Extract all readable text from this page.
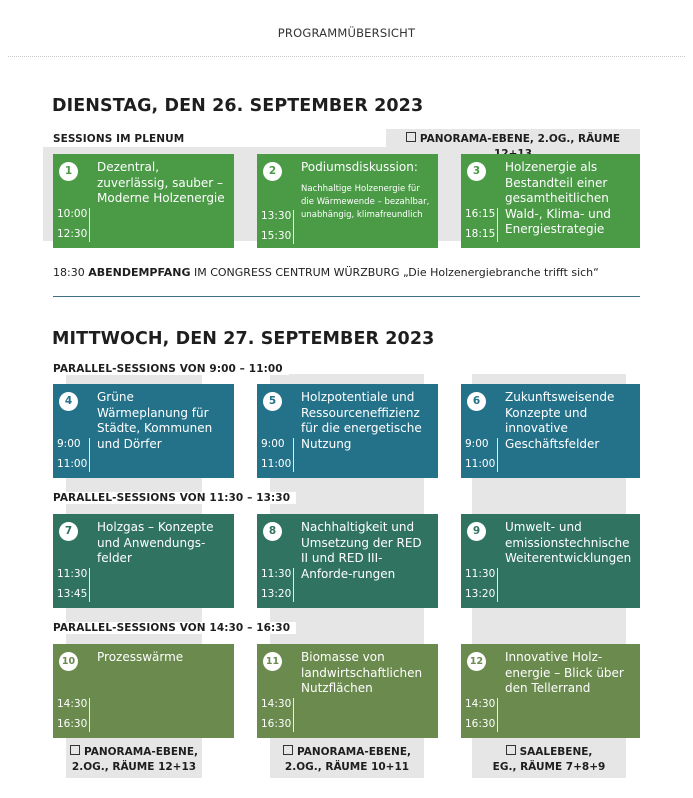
PROGRAMMÜBERSICHT
DIENSTAG, DEN 26. SEPTEMBER 2023
SESSIONS IM PLENUM	PANORAMA-EBENE, 2.OG., RÄUME
1	Dezentral, zuverlässig, sauber – Moderne Holzenergie
10:00
12:30
2	Podiumsdiskussion:
Nachhaltige Holzenergie für die Wärmewende – bezahlbar, unabhängig, klimafreundlich
13:30
15:30
3	Holzenergie als Bestandteil einer gesamtheitlichen Wald-, Klima- und Energiestrategie
16:15
18:15
18:30 ABENDEMPFANG IM CONGRESS CENTRUM WÜRZBURG „Die Holzenergiebranche trifft sich“
MITTWOCH, DEN 27. SEPTEMBER 2023
PARALLEL-SESSIONS VON 9:00 – 11:00
PARALLEL-SESSIONS VON 11:30 – 13:30
PARALLEL-SESSIONS VON 14:30 – 16:30
4	Grüne Wärmeplanung für Städte, Kommunen und Dörfer
9:00
11:00
5	Holzpotentiale und Ressourceneffizienz für die energetische Nutzung
9:00
11:00
6	Zukunftsweisende Konzepte und innovative Geschäftsfelder
9:00
11:00
7	Holzgas – Konzepte und Anwendungs-felder
11:30
13:45
8	Nachhaltigkeit und Umsetzung der RED II und RED III-Anforde-rungen
11:30
13:20
9	Umwelt- und emissionstechnische Weiterentwicklungen
11:30
13:20
10 Prozesswärme
14:30
16:30
11 Biomasse von landwirtschaftlichen Nutzflächen
14:30
16:30
12 Innovative Holz-energie – Blick über den Tellerrand
14:30
16:30
PANORAMA-EBENE,
2.OG., RÄUME 12+13
PANORAMA-EBENE,
2.OG., RÄUME 10+11
SAALEBENE,
EG., RÄUME 7+8+9
